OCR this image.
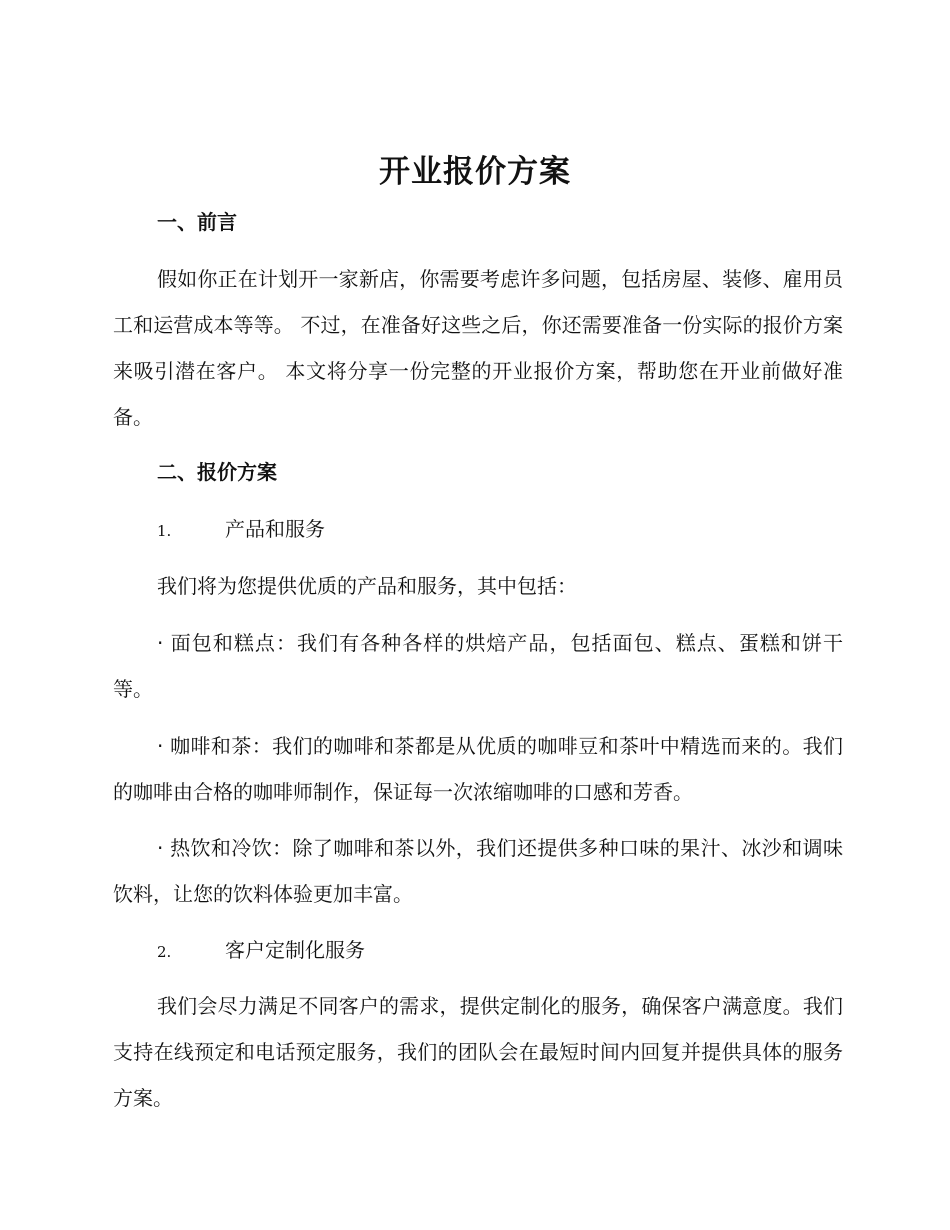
开业报价方案
一、前言
假如你正在计划开一家新店，你需要考虑许多问题，包括房屋、装修、雇用员工和运营成本等等。 不过，在准备好这些之后，你还需要准备一份实际的报价方案来吸引潜在客户。 本文将分享一份完整的开业报价方案，帮助您在开业前做好准备。
二、报价方案
1.	产品和服务
我们将为您提供优质的产品和服务，其中包括：
· 面包和糕点：我们有各种各样的烘焙产品，包括面包、糕点、蛋糕和饼干等。
· 咖啡和茶：我们的咖啡和茶都是从优质的咖啡豆和茶叶中精选而来的。我们的咖啡由合格的咖啡师制作，保证每一次浓缩咖啡的口感和芳香。
· 热饮和冷饮：除了咖啡和茶以外，我们还提供多种口味的果汁、冰沙和调味饮料，让您的饮料体验更加丰富。
2.	客户定制化服务
我们会尽力满足不同客户的需求，提供定制化的服务，确保客户满意度。我们支持在线预定和电话预定服务，我们的团队会在最短时间内回复并提供具体的服务方案。
